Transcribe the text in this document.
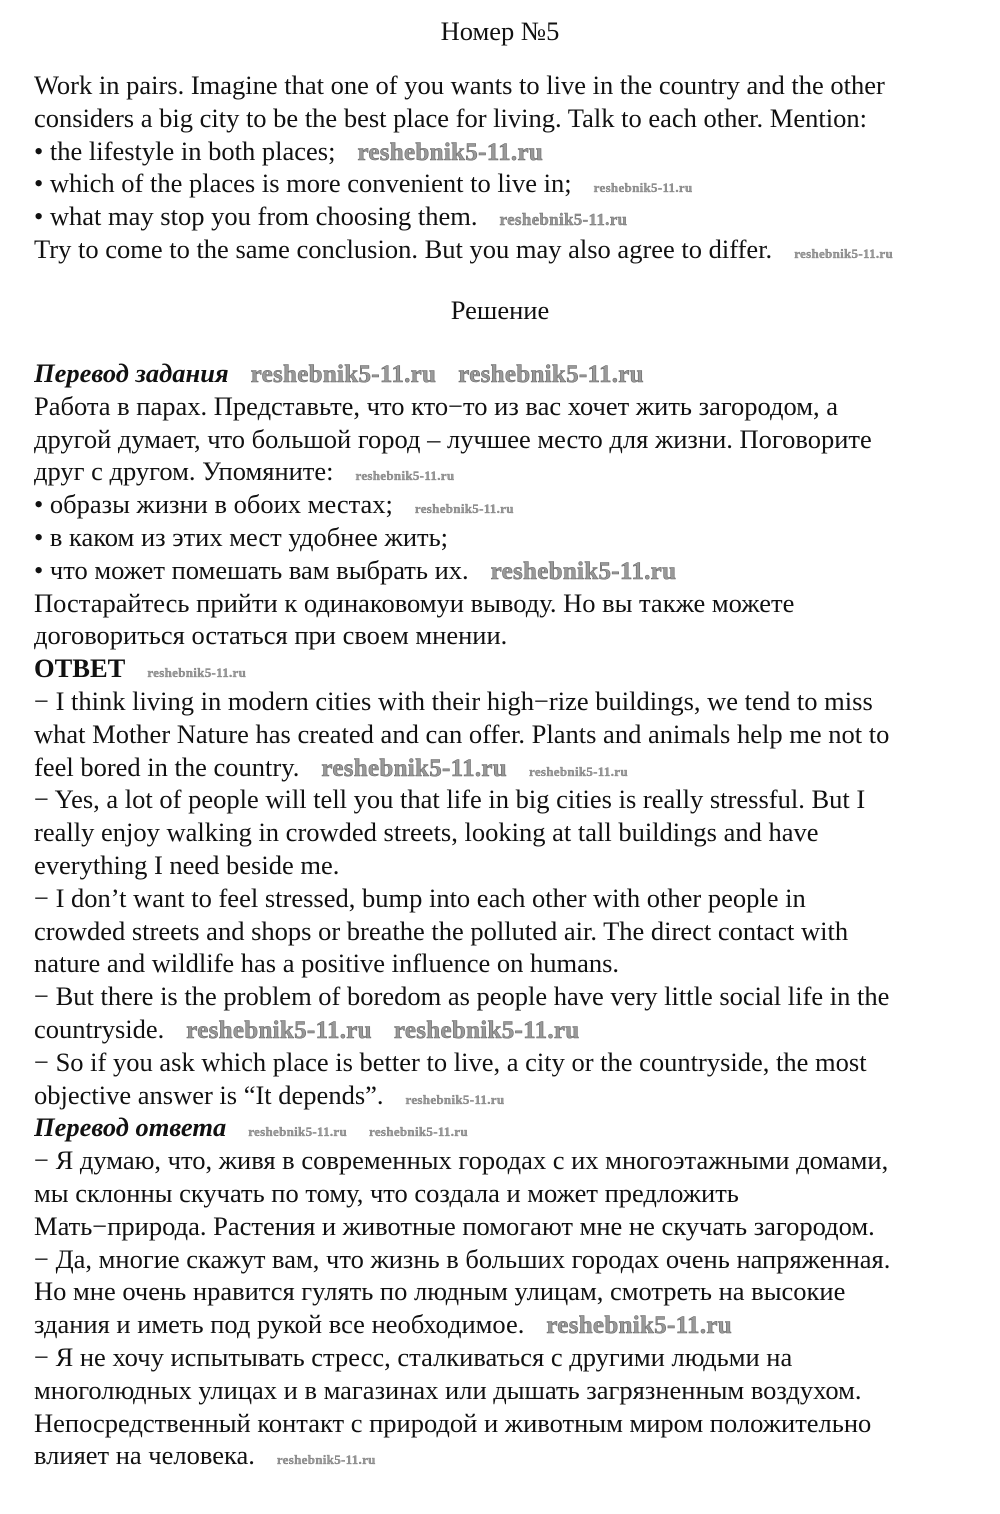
Номер №5
Work in pairs. Imagine that one of you wants to live in the country and the other
considers a big city to be the best place for living. Talk to each other. Mention:
• the lifestyle in both places; reshebnik5-11.ru
• which of the places is more convenient to live in; reshebnik5-11.ru
• what may stop you from choosing them. reshebnik5-11.ru
Try to come to the same conclusion. But you may also agree to differ. reshebnik5-11.ru
Решение
Перевод задания reshebnik5-11.ru reshebnik5-11.ru
Работа в парах. Представьте, что кто−то из вас хочет жить загородом, а
другой думает, что большой город – лучшее место для жизни. Поговорите
друг с другом. Упомяните: reshebnik5-11.ru
• образы жизни в обоих местах; reshebnik5-11.ru
• в каком из этих мест удобнее жить;
• что может помешать вам выбрать их. reshebnik5-11.ru
Постарайтесь прийти к одинаковомуи выводу. Но вы также можете
договориться остаться при своем мнении.
ОТВЕТ reshebnik5-11.ru
− I think living in modern cities with their high−rize buildings, we tend to miss
what Mother Nature has created and can offer. Plants and animals help me not to
feel bored in the country. reshebnik5-11.ru reshebnik5-11.ru
− Yes, a lot of people will tell you that life in big cities is really stressful. But I
really enjoy walking in crowded streets, looking at tall buildings and have
everything I need beside me.
− I don’t want to feel stressed, bump into each other with other people in
crowded streets and shops or breathe the polluted air. The direct contact with
nature and wildlife has a positive influence on humans.
− But there is the problem of boredom as people have very little social life in the
countryside. reshebnik5-11.ru reshebnik5-11.ru
− So if you ask which place is better to live, a city or the countryside, the most
objective answer is “It depends”. reshebnik5-11.ru
Перевод ответа reshebnik5-11.ru reshebnik5-11.ru
− Я думаю, что, живя в современных городах с их многоэтажными домами,
мы склонны скучать по тому, что создала и может предложить
Мать−природа. Растения и животные помогают мне не скучать загородом.
− Да, многие скажут вам, что жизнь в больших городах очень напряженная.
Но мне очень нравится гулять по людным улицам, смотреть на высокие
здания и иметь под рукой все необходимое. reshebnik5-11.ru
− Я не хочу испытывать стресс, сталкиваться с другими людьми на
многолюдных улицах и в магазинах или дышать загрязненным воздухом.
Непосредственный контакт с природой и животным миром положительно
влияет на человека. reshebnik5-11.ru
